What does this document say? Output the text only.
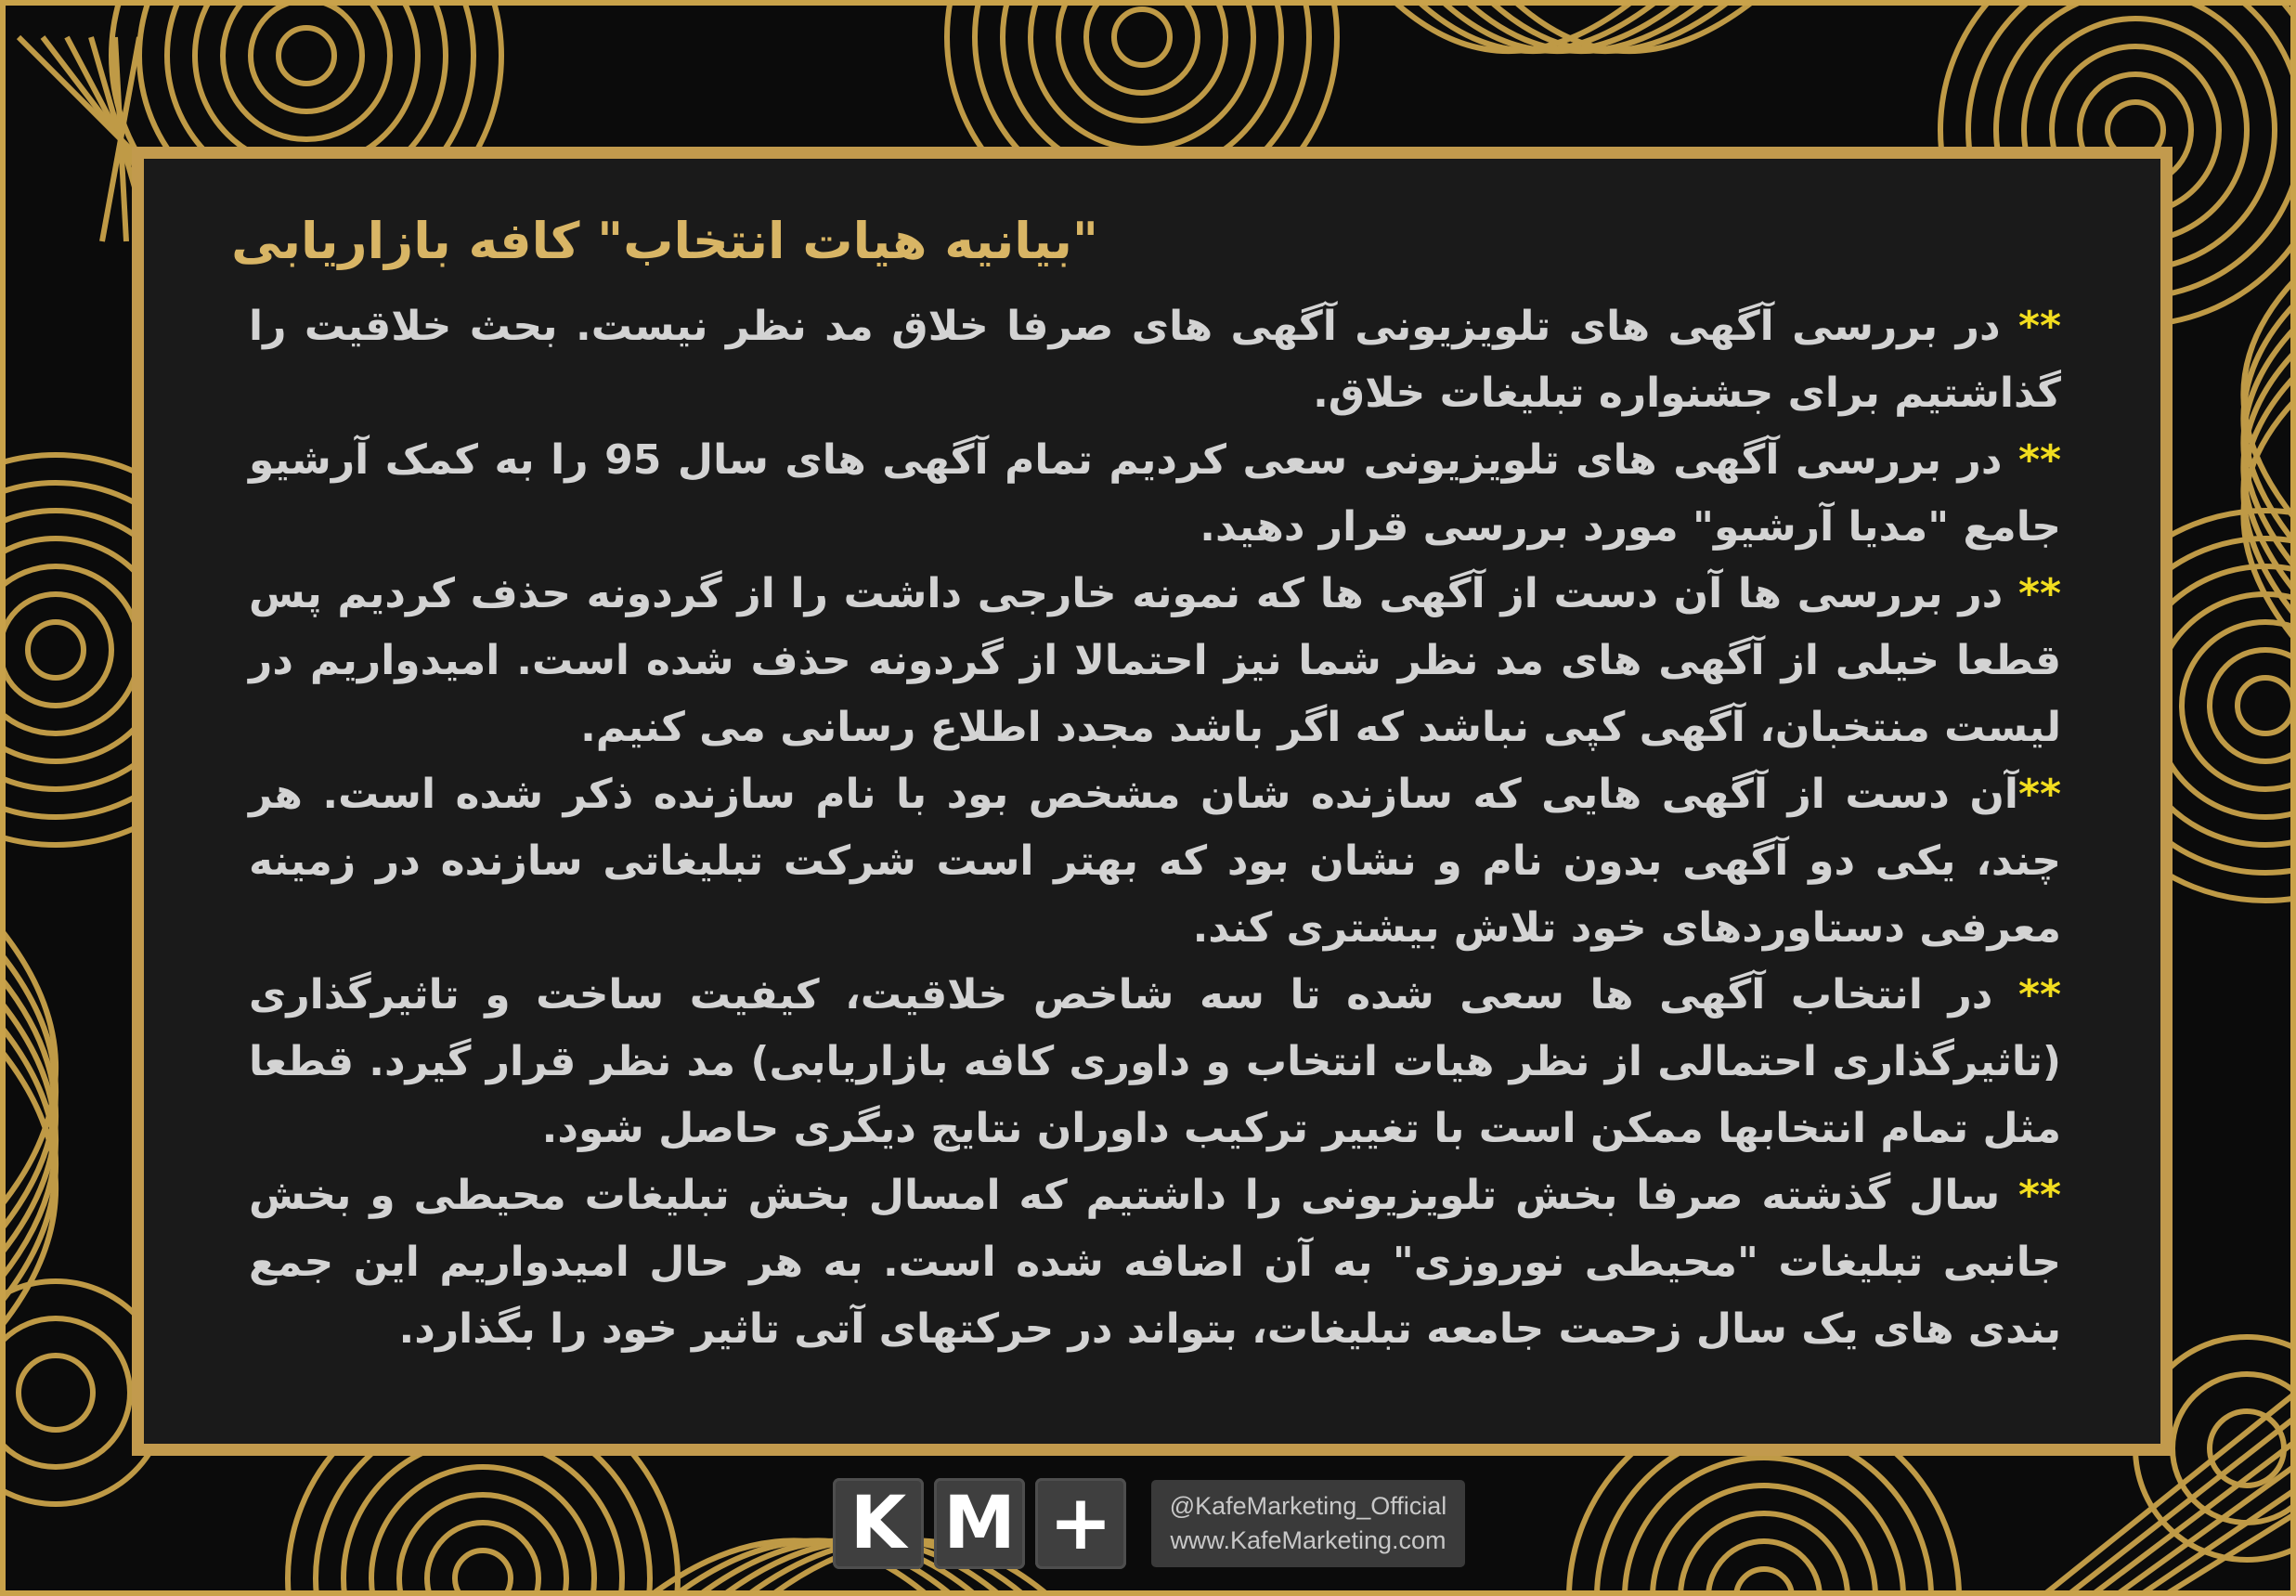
"بیانیه هیات انتخاب" کافه بازاریابی

** در بررسی آگهی های تلویزیونی آگهی های صرفا خلاق مد نظر نیست. بحث خلاقیت را گذاشتیم برای جشنواره تبلیغات خلاق.

** در بررسی آگهی های تلویزیونی سعی کردیم تمام آگهی های سال 95 را به کمک آرشیو جامع "مدیا آرشیو" مورد بررسی قرار دهید.

** در بررسی ها آن دست از آگهی ها که نمونه خارجی داشت را از گردونه حذف کردیم پس قطعا خیلی از آگهی های مد نظر شما نیز احتمالا از گردونه حذف شده است. امیدواریم در لیست منتخبان، آگهی کپی نباشد که اگر باشد مجدد اطلاع رسانی می کنیم.

**آن دست از آگهی هایی که سازنده شان مشخص بود با نام سازنده ذکر شده است. هر چند، یکی دو آگهی بدون نام و نشان بود که بهتر است شرکت تبلیغاتی سازنده در زمینه معرفی دستاوردهای خود تلاش بیشتری کند.

** در انتخاب آگهی ها سعی شده تا سه شاخص خلاقیت، کیفیت ساخت و تاثیرگذاری (تاثیرگذاری احتمالی از نظر هیات انتخاب و داوری کافه بازاریابی) مد نظر قرار گیرد. قطعا مثل تمام انتخابها ممکن است با تغییر ترکیب داوران نتایج دیگری حاصل شود.

** سال گذشته صرفا بخش تلویزیونی را داشتیم که امسال بخش تبلیغات محیطی و بخش جانبی تبلیغات "محیطی نوروزی" به آن اضافه شده است. به هر حال امیدواریم این جمع بندی های یک سال زحمت جامعه تبلیغات، بتواند در حرکتهای آتی تاثیر خود را بگذارد.

K M + @KafeMarketing_Official
www.KafeMarketing.com
